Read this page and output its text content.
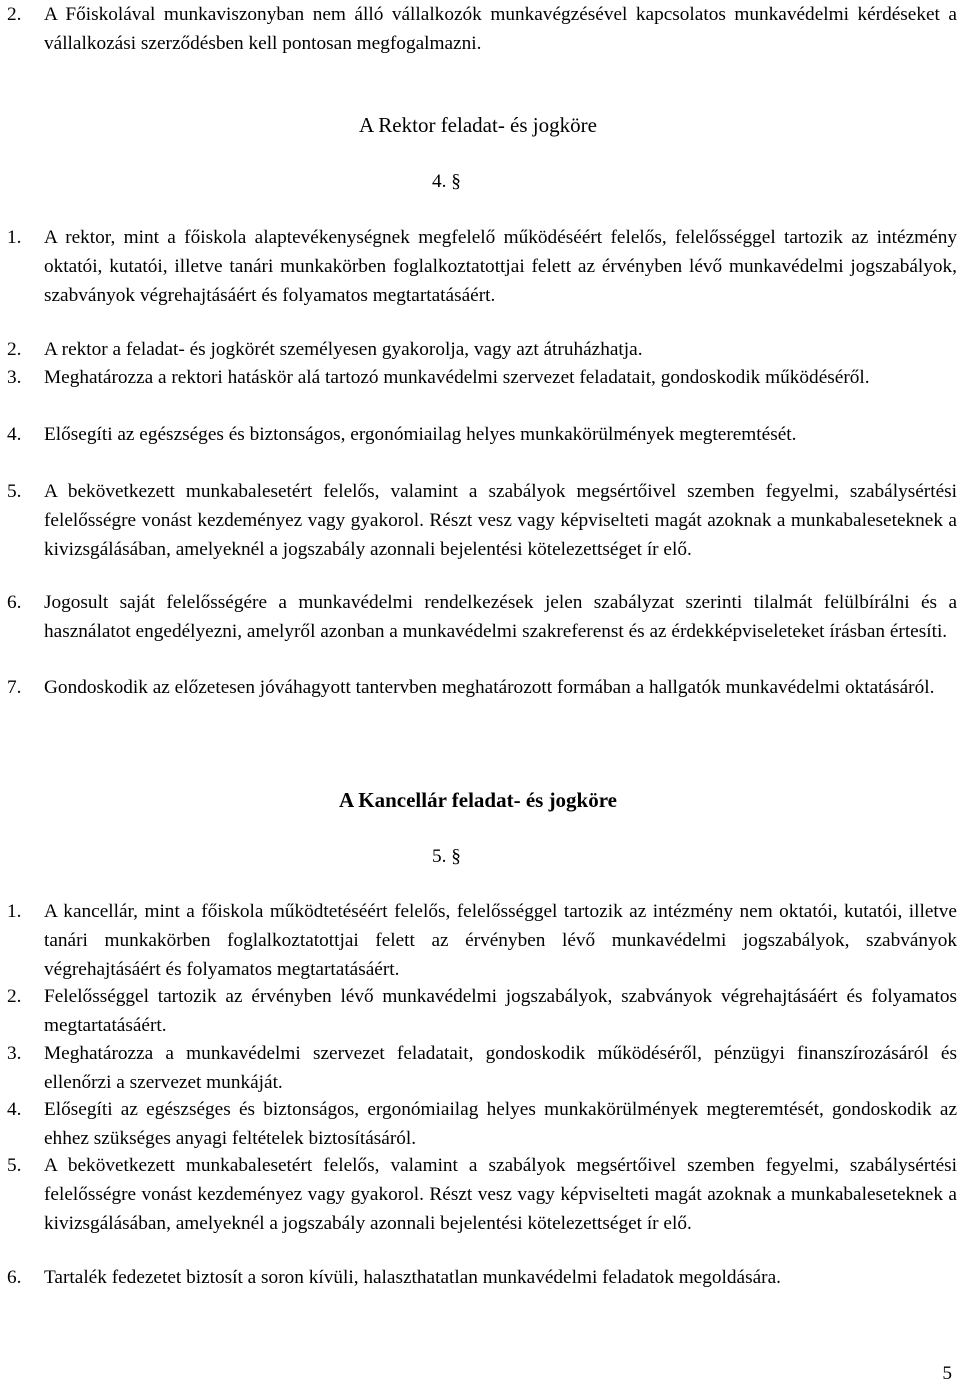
2. A Főiskolával munkaviszonyban nem álló vállalkozók munkavégzésével kapcsolatos munkavédelmi kérdéseket a vállalkozási szerződésben kell pontosan megfogalmazni.
A Rektor feladat- és jogköre
4. §
1. A rektor, mint a főiskola alaptevékenységnek megfelelő működéséért felelős, felelősséggel tartozik az intézmény oktatói, kutatói, illetve tanári munkakörben foglalkoztatottjai felett az érvényben lévő munkavédelmi jogszabályok, szabványok végrehajtásáért és folyamatos megtartatásáért.
2. A rektor a feladat- és jogkörét személyesen gyakorolja, vagy azt átruházhatja.
3. Meghatározza a rektori hatáskör alá tartozó munkavédelmi szervezet feladatait, gondoskodik működéséről.
4. Elősegíti az egészséges és biztonságos, ergonómiailag helyes munkakörülmények megteremtését.
5. A bekövetkezett munkabalesetért felelős, valamint a szabályok megsértőivel szemben fegyelmi, szabálysértési felelősségre vonást kezdeményez vagy gyakorol. Részt vesz vagy képviselteti magát azoknak a munkabaleseteknek a kivizsgálásában, amelyeknél a jogszabály azonnali bejelentési kötelezettséget ír elő.
6. Jogosult saját felelősségére a munkavédelmi rendelkezések jelen szabályzat szerinti tilalmát felülbírálni és a használatot engedélyezni, amelyről azonban a munkavédelmi szakreferenst és az érdekképviseleteket írásban értesíti.
7. Gondoskodik az előzetesen jóváhagyott tantervben meghatározott formában a hallgatók munkavédelmi oktatásáról.
A Kancellár feladat- és jogköre
5. §
1. A kancellár, mint a főiskola működtetéséért felelős, felelősséggel tartozik az intézmény nem oktatói, kutatói, illetve tanári munkakörben foglalkoztatottjai felett az érvényben lévő munkavédelmi jogszabályok, szabványok végrehajtásáért és folyamatos megtartatásáért.
2. Felelősséggel tartozik az érvényben lévő munkavédelmi jogszabályok, szabványok végrehajtásáért és folyamatos megtartatásáért.
3. Meghatározza a munkavédelmi szervezet feladatait, gondoskodik működéséről, pénzügyi finanszírozásáról és ellenőrzi a szervezet munkáját.
4. Elősegíti az egészséges és biztonságos, ergonómiailag helyes munkakörülmények megteremtését, gondoskodik az ehhez szükséges anyagi feltételek biztosításáról.
5. A bekövetkezett munkabalesetért felelős, valamint a szabályok megsértőivel szemben fegyelmi, szabálysértési felelősségre vonást kezdeményez vagy gyakorol. Részt vesz vagy képviselteti magát azoknak a munkabaleseteknek a kivizsgálásában, amelyeknél a jogszabály azonnali bejelentési kötelezettséget ír elő.
6. Tartalék fedezetet biztosít a soron kívüli, halaszthatatlan munkavédelmi feladatok megoldására.
5
